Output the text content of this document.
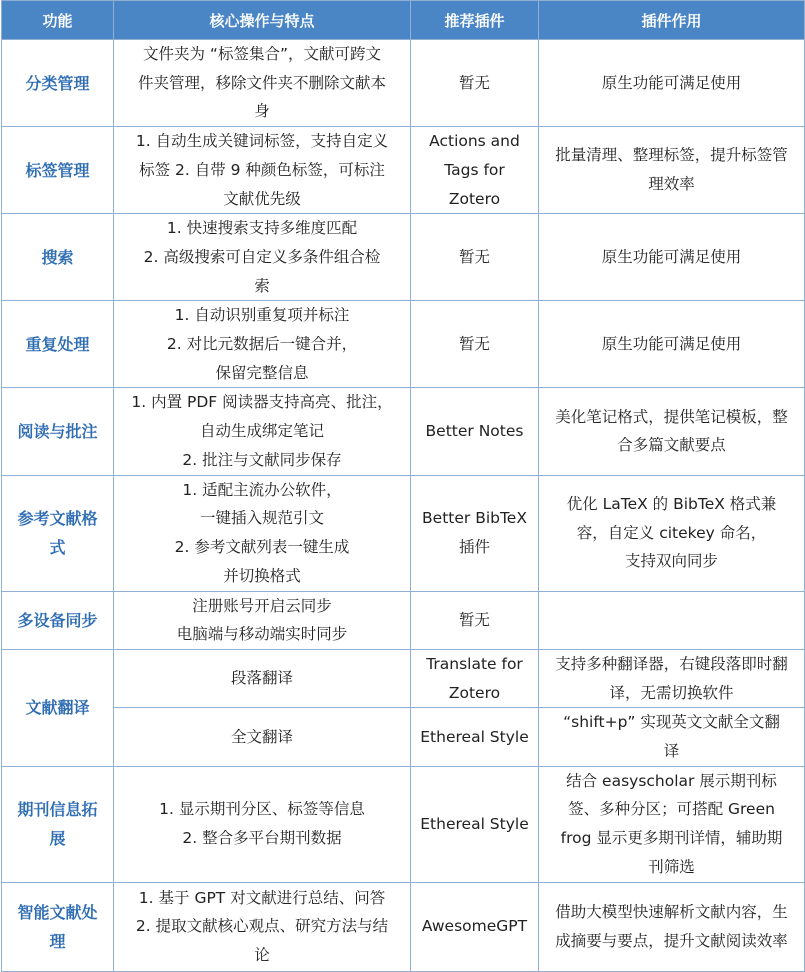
功能	核心操作与特点	推荐插件	插件作用

分类管理	文件夹为 “标签集合”，文献可跨文
件夹管理，移除文件夹不删除文献本
身	暂无	原生功能可满足使用

标签管理	1. 自动生成关键词标签，支持自定义
标签 2. 自带 9 种颜色标签，可标注
文献优先级	Actions and
Tags for
Zotero	批量清理、整理标签，提升标签管
理效率

搜索	1. 快速搜索支持多维度匹配
2. 高级搜索可自定义多条件组合检
索	暂无	原生功能可满足使用

重复处理	1. 自动识别重复项并标注
2. 对比元数据后一键合并，
保留完整信息	暂无	原生功能可满足使用

阅读与批注	1. 内置 PDF 阅读器支持高亮、批注，
自动生成绑定笔记
2. 批注与文献同步保存	Better Notes	美化笔记格式，提供笔记模板，整
合多篇文献要点

参考文献格
式	1. 适配主流办公软件，
一键插入规范引文
2. 参考文献列表一键生成
并切换格式	Better BibTeX
插件	优化 LaTeX 的 BibTeX 格式兼
容，自定义 citekey 命名，
支持双向同步

多设备同步	注册账号开启云同步
电脑端与移动端实时同步	暂无	

文献翻译	段落翻译	Translate for
Zotero	支持多种翻译器，右键段落即时翻
译，无需切换软件

	全文翻译	Ethereal Style	“shift+p” 实现英文文献全文翻
译

期刊信息拓
展	1. 显示期刊分区、标签等信息
2. 整合多平台期刊数据	Ethereal Style	结合 easyscholar 展示期刊标
签、多种分区；可搭配 Green
frog 显示更多期刊详情，辅助期
刊筛选

智能文献处
理	1. 基于 GPT 对文献进行总结、问答
2. 提取文献核心观点、研究方法与结
论	AwesomeGPT	借助大模型快速解析文献内容，生
成摘要与要点，提升文献阅读效率
